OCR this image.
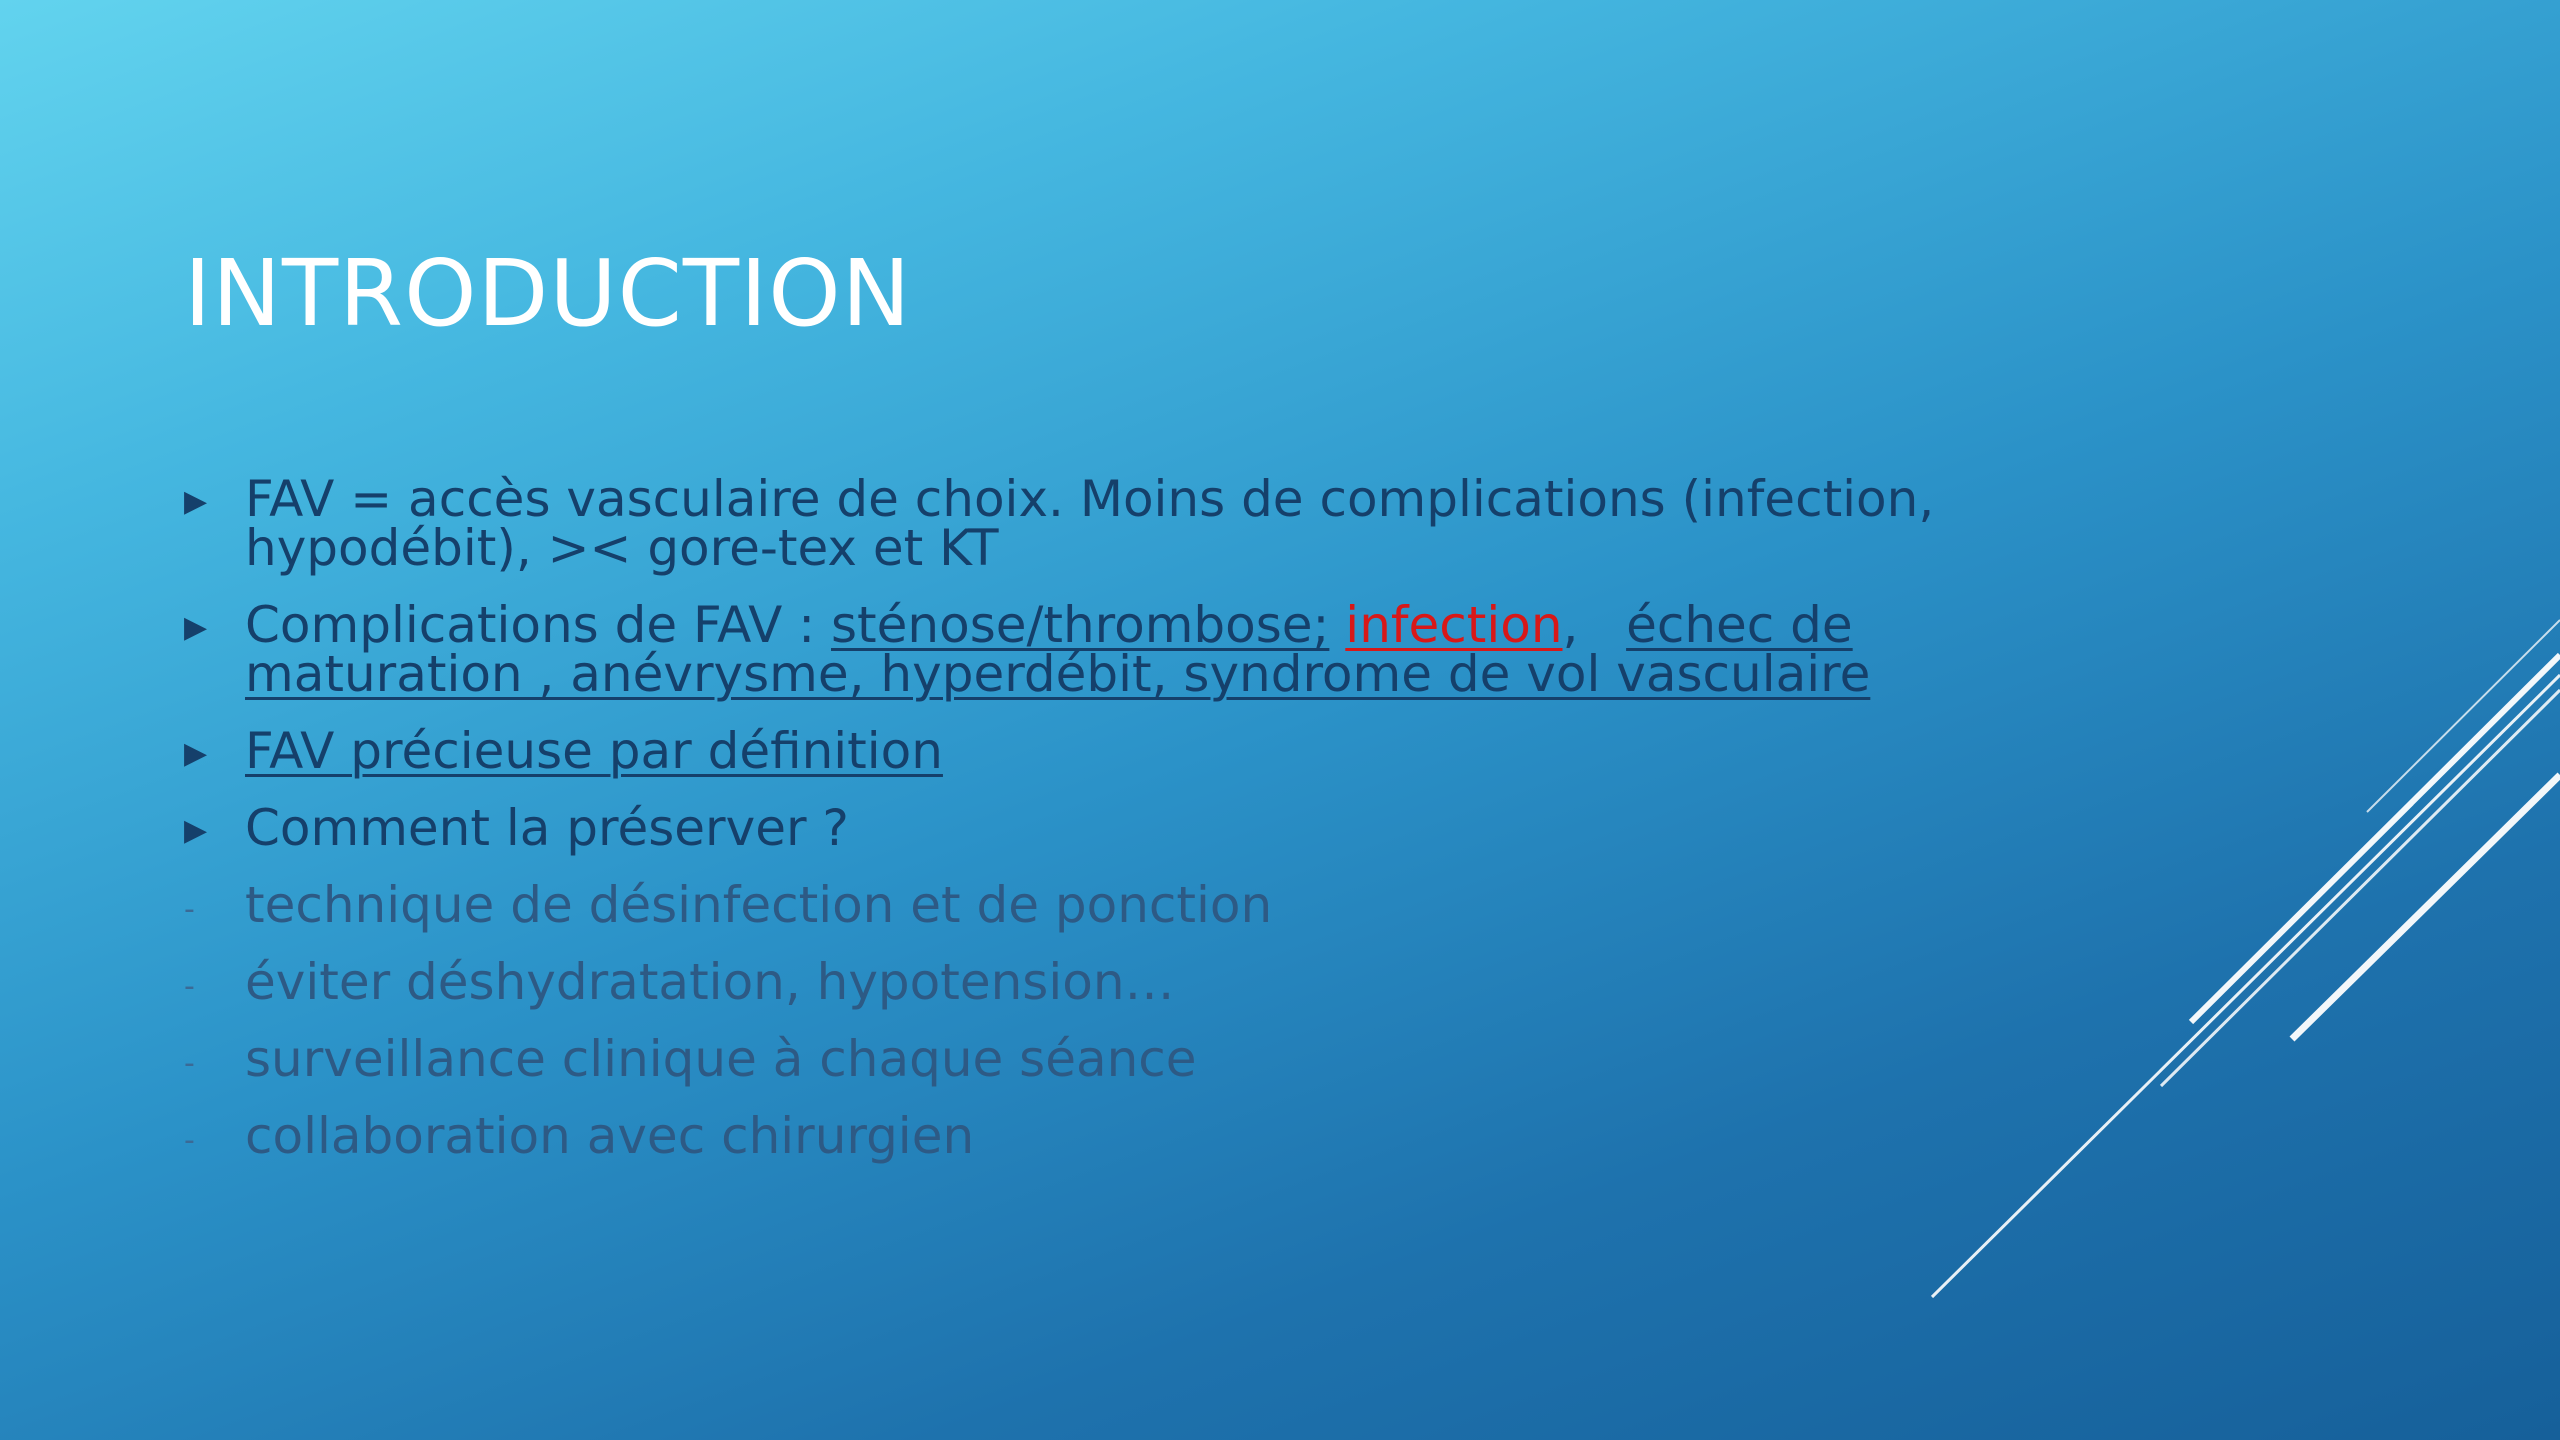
INTRODUCTION
▶ FAV = accès vasculaire de choix. Moins de complications (infection,
hypodébit), >< gore-tex et KT
▶ Complications de FAV : sténose/thrombose; infection,   échec de
maturation , anévrysme, hyperdébit, syndrome de vol vasculaire
▶ FAV précieuse par définition
▶ Comment la préserver ?
-	technique de désinfection et de ponction
-	éviter déshydratation, hypotension…
-	surveillance clinique à chaque séance
-	collaboration avec chirurgien
